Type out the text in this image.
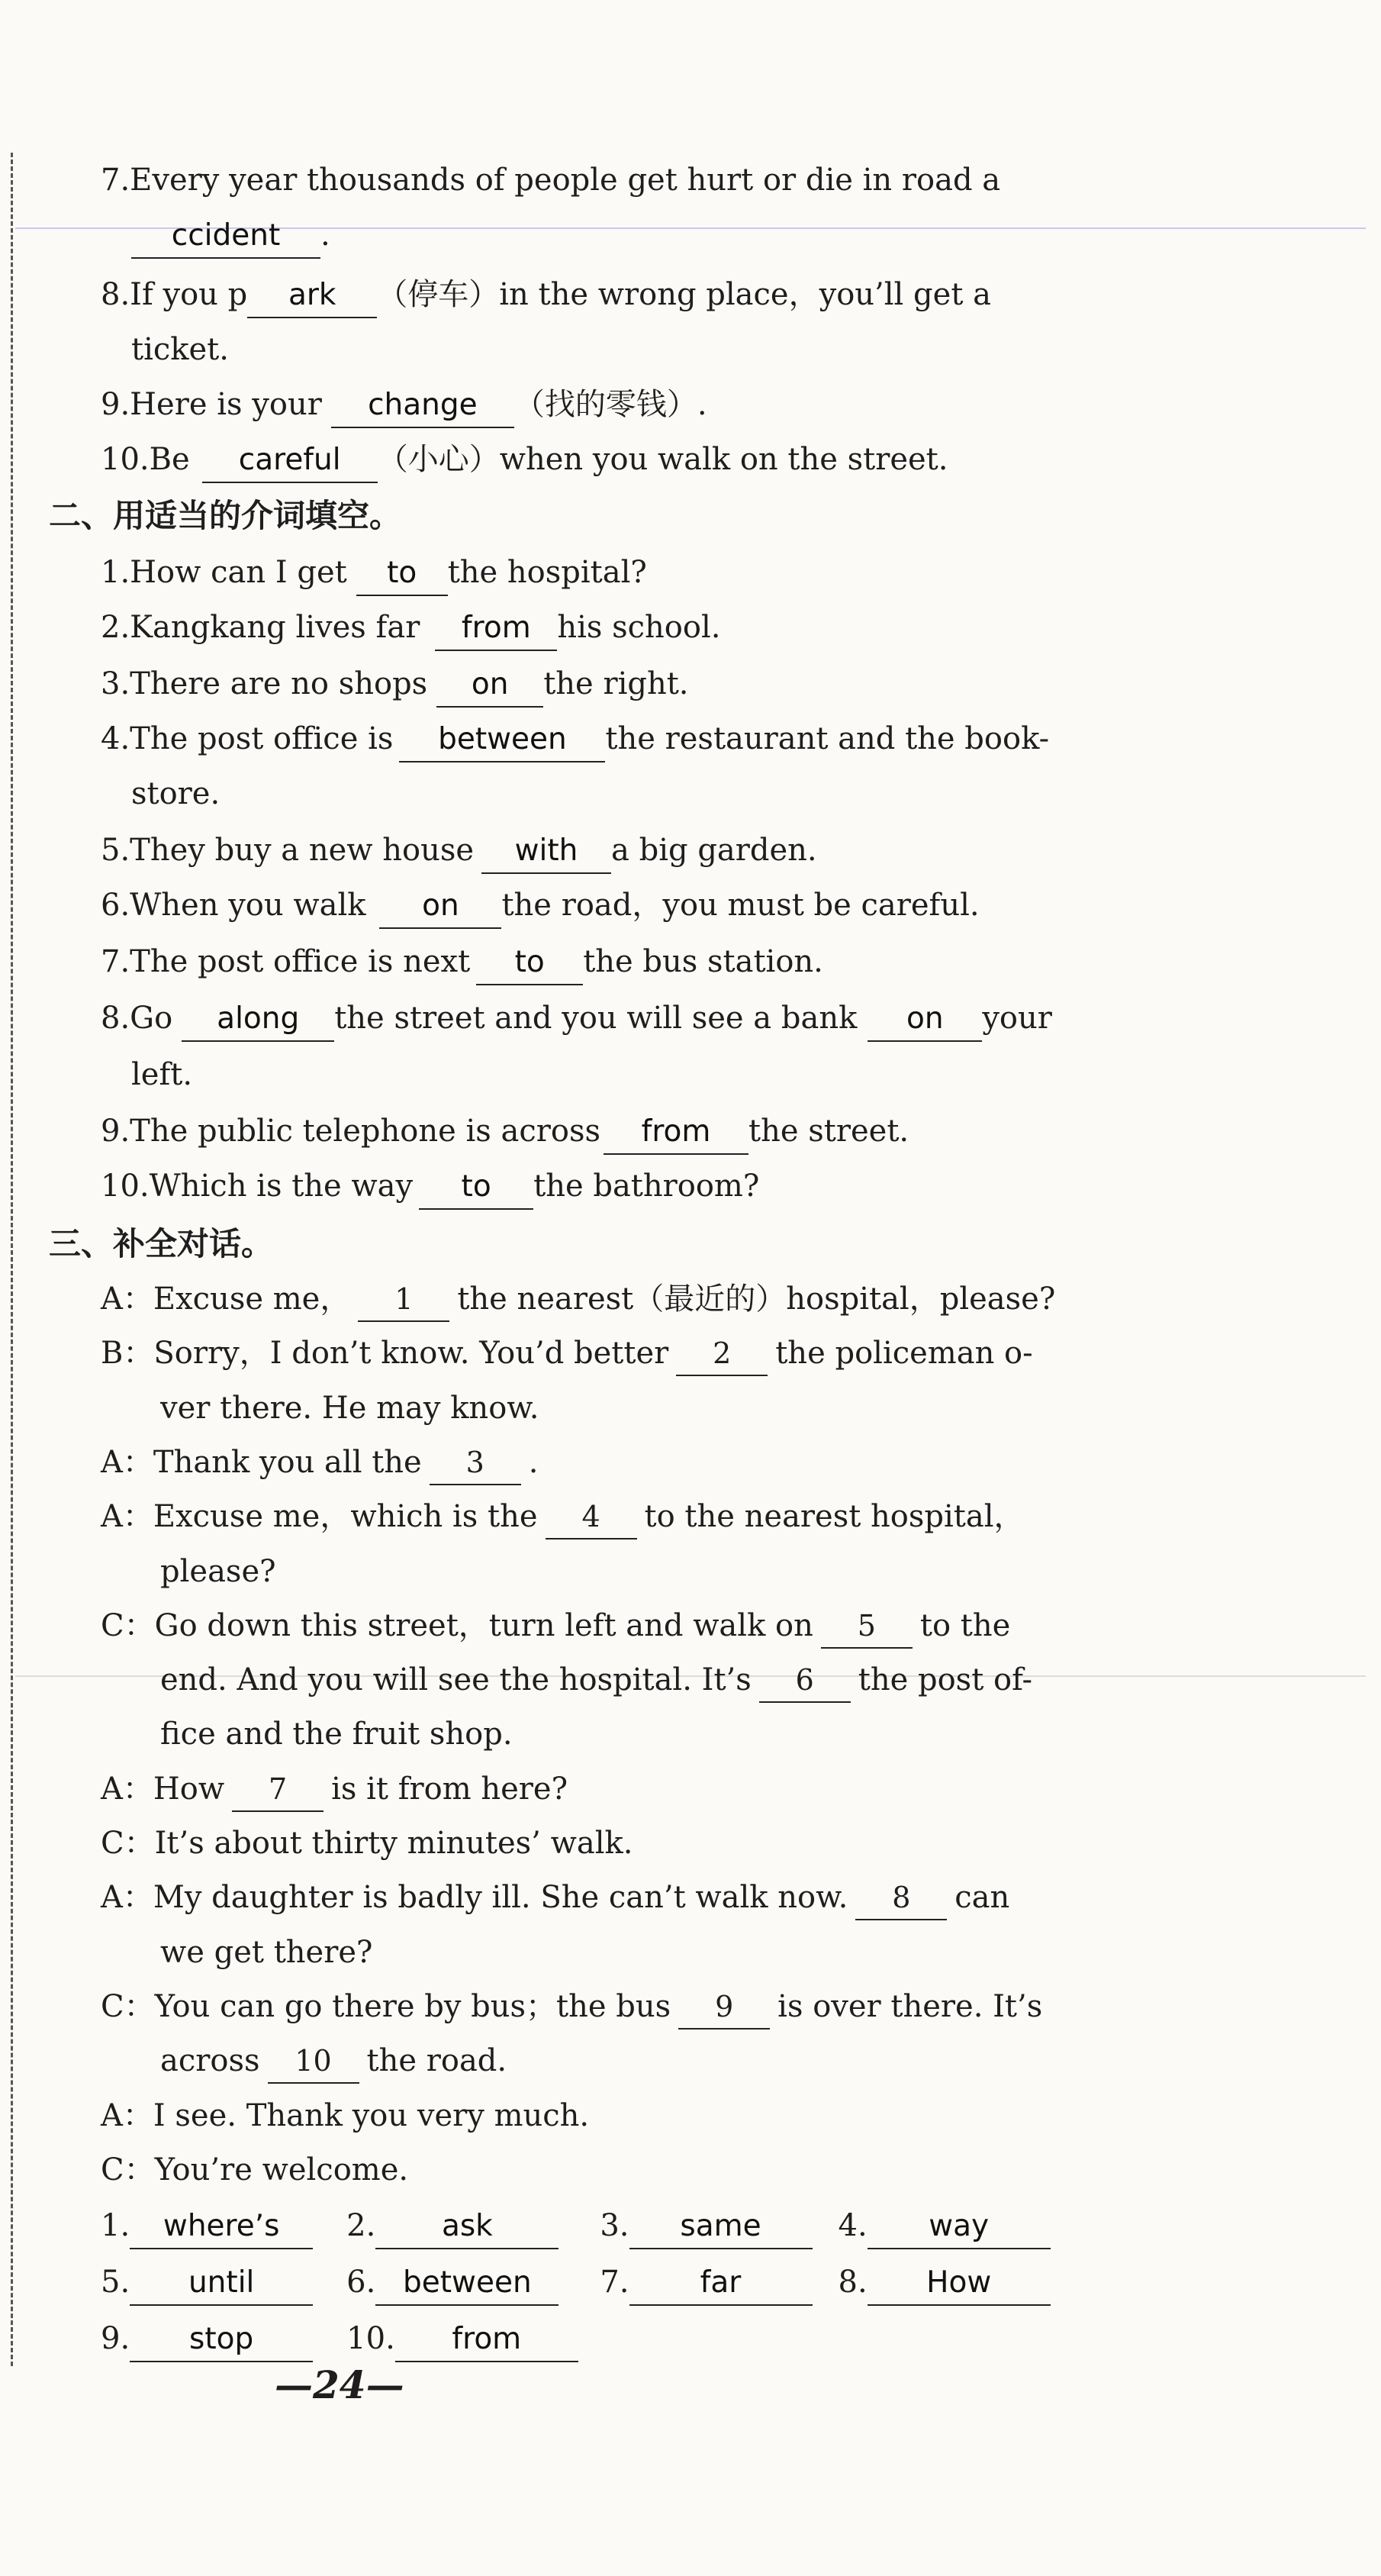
7.Every year thousands of people get hurt or die in road a
ccident .
8.If you p ark （停车）in the wrong place，you’ll get a
ticket.
9.Here is your change （找的零钱）.
10.Be careful （小心）when you walk on the street.
二、用适当的介词填空。
1.How can I get to the hospital?
2.Kangkang lives far from his school.
3.There are no shops on the right.
4.The post office is between the restaurant and the book-
store.
5.They buy a new house with a big garden.
6.When you walk on the road，you must be careful.
7.The post office is next to the bus station.
8.Go along the street and you will see a bank on your
left.
9.The public telephone is across from the street.
10.Which is the way to the bathroom?
三、补全对话。
A：Excuse me， 1 the nearest（最近的）hospital，please?
B：Sorry，I don’t know. You’d better 2 the policeman o-
ver there. He may know.
A：Thank you all the 3 .
A：Excuse me，which is the 4 to the nearest hospital，
please?
C：Go down this street，turn left and walk on 5 to the
end. And you will see the hospital. It’s 6 the post of-
fice and the fruit shop.
A：How 7 is it from here?
C：It’s about thirty minutes’ walk.
A：My daughter is badly ill. She can’t walk now. 8 can
we get there?
C：You can go there by bus；the bus 9 is over there. It’s
across 10 the road.
A：I see. Thank you very much.
C：You’re welcome.
1. where’s 2. ask	3. same	4. way
5. until	6. between 7. far	8. How
9. stop	10. from
—24—
